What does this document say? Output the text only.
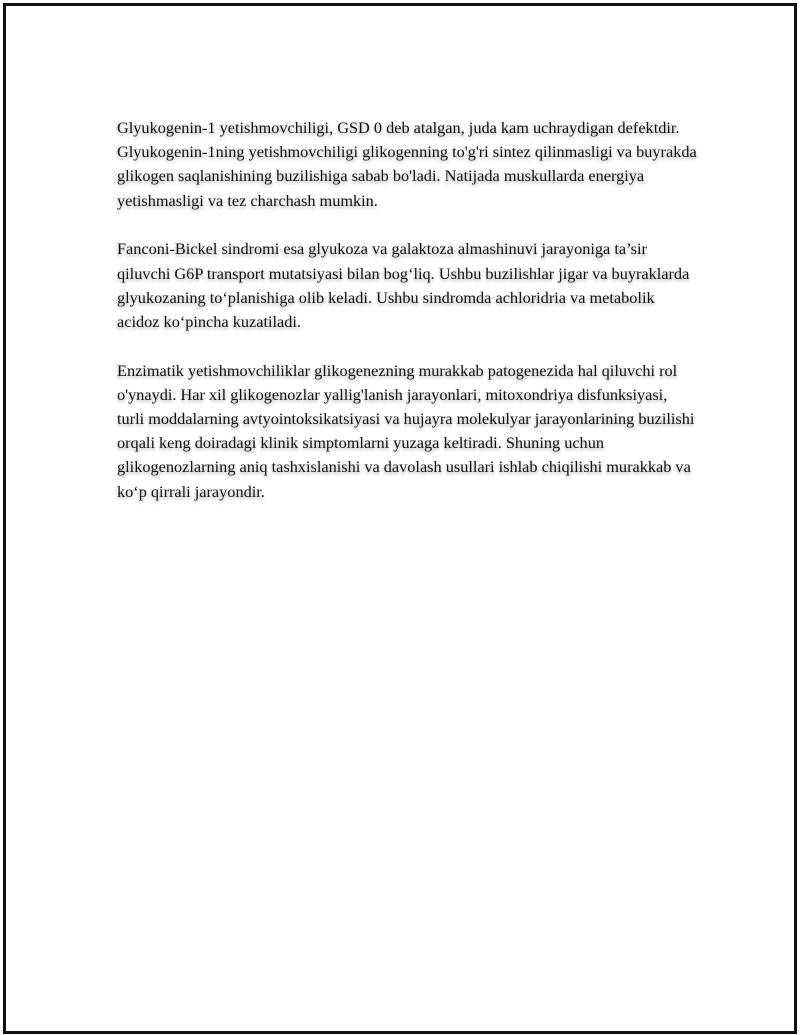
Glyukogenin-1 yetishmovchiligi, GSD 0 deb atalgan, juda kam uchraydigan defektdir. Glyukogenin-1ning yetishmovchiligi glikogenning to'g'ri sintez qilinmasligi va buyrakda glikogen saqlanishining buzilishiga sabab bo'ladi. Natijada muskullarda energiya yetishmasligi va tez charchash mumkin.

Fanconi-Bickel sindromi esa glyukoza va galaktoza almashinuvi jarayoniga ta’sir qiluvchi G6P transport mutatsiyasi bilan bog‘liq. Ushbu buzilishlar jigar va buyraklarda glyukozaning to‘planishiga olib keladi. Ushbu sindromda achloridria va metabolik acidoz ko‘pincha kuzatiladi.

Enzimatik yetishmovchiliklar glikogenezning murakkab patogenezida hal qiluvchi rol o'ynaydi. Har xil glikogenozlar yallig'lanish jarayonlari, mitoxondriya disfunksiyasi, turli moddalarning avtyointoksikatsiyasi va hujayra molekulyar jarayonlarining buzilishi orqali keng doiradagi klinik simptomlarni yuzaga keltiradi. Shuning uchun glikogenozlarning aniq tashxislanishi va davolash usullari ishlab chiqilishi murakkab va ko‘p qirrali jarayondir.
